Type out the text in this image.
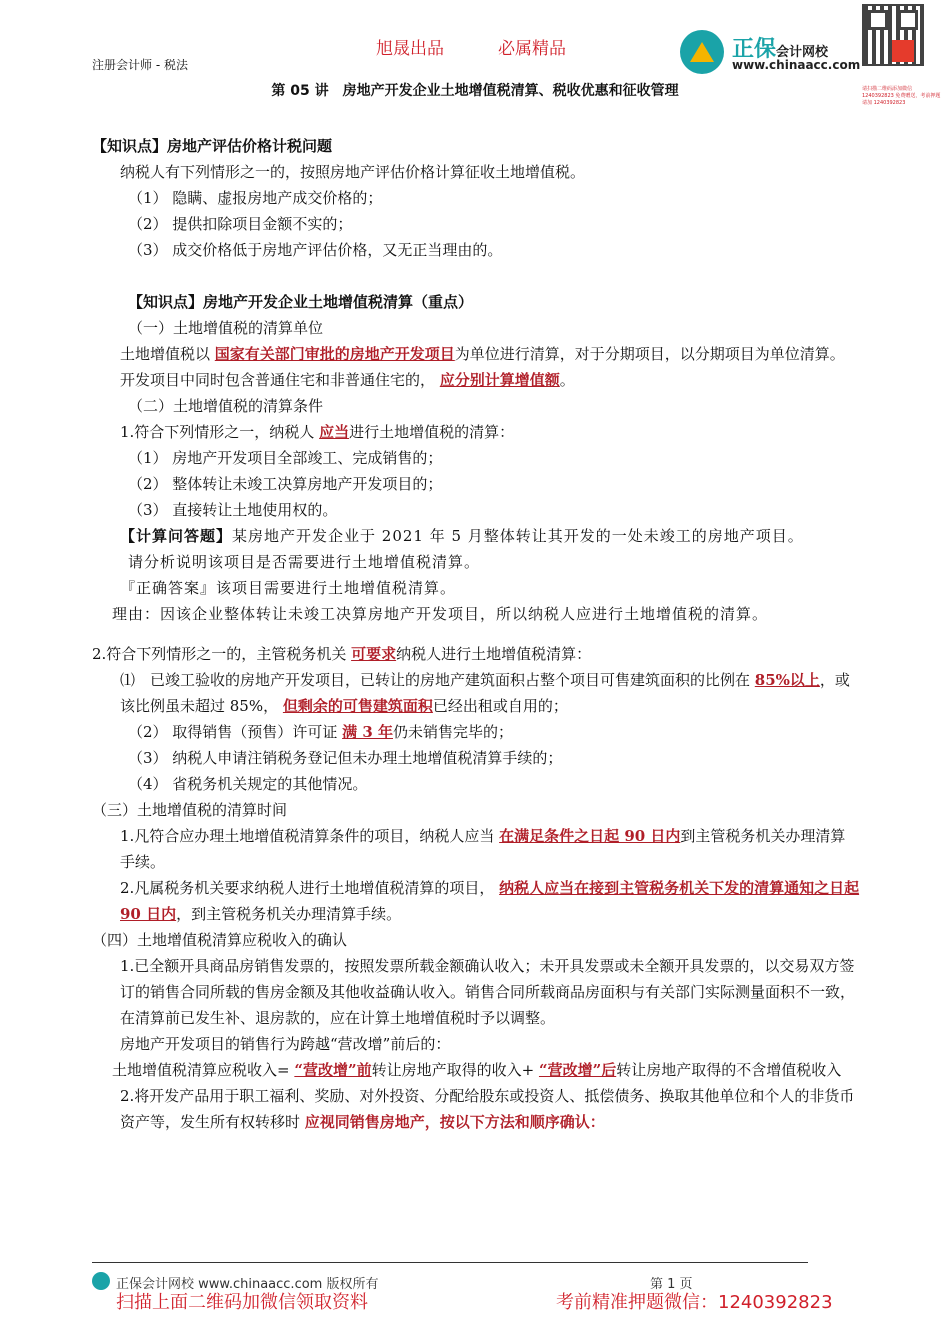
旭晟出品	必属精品
注册会计师 - 税法
第 05 讲　房地产开发企业土地增值税清算、税收优惠和征收管理
正保会计网校
www.chinaacc.com
请扫描二维码添加微信 1240392823 免费赠送，考前押题请加 1240392823

【知识点】房地产评估价格计税问题

纳税人有下列情形之一的，按照房地产评估价格计算征收土地增值税。

（1） 隐瞒、虚报房地产成交价格的；

（2） 提供扣除项目金额不实的；

（3） 成交价格低于房地产评估价格，又无正当理由的。

【知识点】房地产开发企业土地增值税清算（重点）

（一）土地增值税的清算单位

土地增值税以 国家有关部门审批的房地产开发项目为单位进行清算，对于分期项目，以分期项目为单位清算。

开发项目中同时包含普通住宅和非普通住宅的， 应分别计算增值额。

（二）土地增值税的清算条件

1.符合下列情形之一，纳税人 应当进行土地增值税的清算：

（1） 房地产开发项目全部竣工、完成销售的；

（2） 整体转让未竣工决算房地产开发项目的；

（3） 直接转让土地使用权的。

【计算问答题】某房地产开发企业于 2021 年 5 月整体转让其开发的一处未竣工的房地产项目。

请分析说明该项目是否需要进行土地增值税清算。

『正确答案』该项目需要进行土地增值税清算。

理由：因该企业整体转让未竣工决算房地产开发项目，所以纳税人应进行土地增值税的清算。

2.符合下列情形之一的，主管税务机关 可要求纳税人进行土地增值税清算：

⑴　已竣工验收的房地产开发项目，已转让的房地产建筑面积占整个项目可售建筑面积的比例在 85%以上，或该比例虽未超过 85%， 但剩余的可售建筑面积已经出租或自用的；

（2） 取得销售（预售）许可证 满 3 年仍未销售完毕的；

（3） 纳税人申请注销税务登记但未办理土地增值税清算手续的；

（4） 省税务机关规定的其他情况。

（三）土地增值税的清算时间

1.凡符合应办理土地增值税清算条件的项目，纳税人应当 在满足条件之日起 90 日内到主管税务机关办理清算手续。

2.凡属税务机关要求纳税人进行土地增值税清算的项目， 纳税人应当在接到主管税务机关下发的清算通知之日起 90 日内，到主管税务机关办理清算手续。

（四）土地增值税清算应税收入的确认

1.已全额开具商品房销售发票的，按照发票所载金额确认收入；未开具发票或未全额开具发票的，以交易双方签订的销售合同所载的售房金额及其他收益确认收入。销售合同所载商品房面积与有关部门实际测量面积不一致，在清算前已发生补、退房款的，应在计算土地增值税时予以调整。

房地产开发项目的销售行为跨越“营改增”前后的：

土地增值税清算应税收入= “营改增”前转让房地产取得的收入+ “营改增”后转让房地产取得的不含增值税收入

2.将开发产品用于职工福利、奖励、对外投资、分配给股东或投资人、抵偿债务、换取其他单位和个人的非货币资产等，发生所有权转移时 应视同销售房地产，按以下方法和顺序确认：

正保会计网校 www.chinaacc.com 版权所有	第 1 页
扫描上面二维码加微信领取资料	考前精准押题微信：1240392823
